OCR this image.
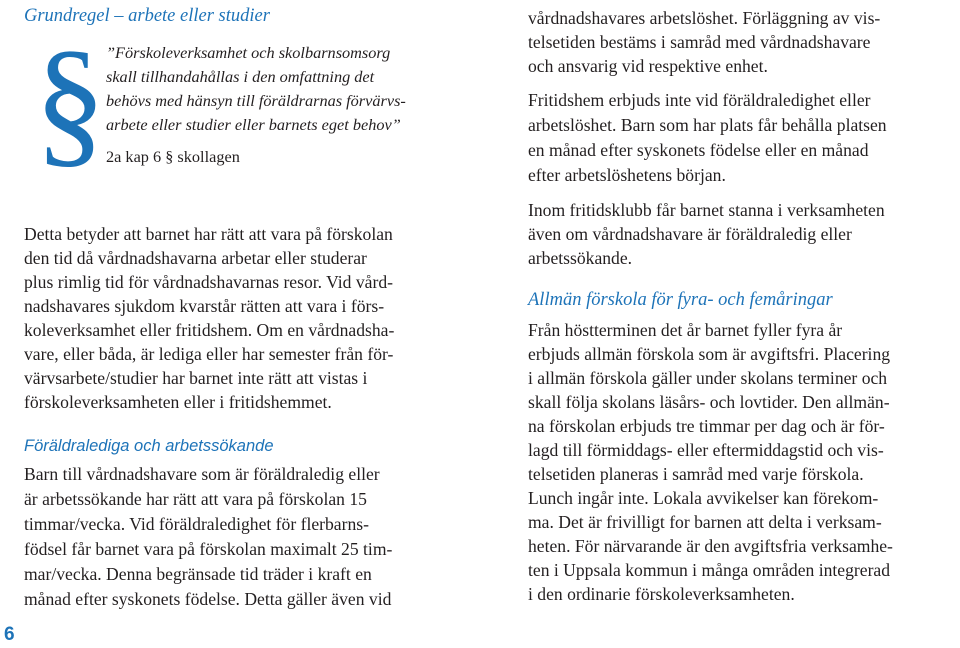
Grundregel – arbete eller studier
§ ”Förskoleverksamhet och skolbarnsomsorg
skall tillhandahållas i den omfattning det
behövs med hänsyn till föräldrarnas förvärvs-
arbete eller studier eller barnets eget behov”
2a kap 6 § skollagen
Detta betyder att barnet har rätt att vara på förskolan
den tid då vårdnadshavarna arbetar eller studerar
plus rimlig tid för vårdnadshavarnas resor. Vid vård-
nadshavares sjukdom kvarstår rätten att vara i förs-
koleverksamhet eller fritidshem. Om en vårdnadsha-
vare, eller båda, är lediga eller har semester från för-
värvsarbete/studier har barnet inte rätt att vistas i
förskoleverksamheten eller i fritidshemmet.
Föräldralediga och arbetssökande
Barn till vårdnadshavare som är föräldraledig eller
är arbetssökande har rätt att vara på förskolan 15
timmar/vecka. Vid föräldraledighet för flerbarns-
födsel får barnet vara på förskolan maximalt 25 tim-
mar/vecka. Denna begränsade tid träder i kraft en
månad efter syskonets födelse. Detta gäller även vid
vårdnadshavares arbetslöshet. Förläggning av vis-
telsetiden bestäms i samråd med vårdnadshavare
och ansvarig vid respektive enhet.
Fritidshem erbjuds inte vid föräldraledighet eller
arbetslöshet. Barn som har plats får behålla platsen
en månad efter syskonets födelse eller en månad
efter arbetslöshetens början.
Inom fritidsklubb får barnet stanna i verksamheten
även om vårdnadshavare är föräldraledig eller
arbetssökande.
Allmän förskola för fyra- och femåringar
Från höstterminen det år barnet fyller fyra år
erbjuds allmän förskola som är avgiftsfri. Placering
i allmän förskola gäller under skolans terminer och
skall följa skolans läsårs- och lovtider. Den allmän-
na förskolan erbjuds tre timmar per dag och är för-
lagd till förmiddags- eller eftermiddagstid och vis-
telsetiden planeras i samråd med varje förskola.
Lunch ingår inte. Lokala avvikelser kan förekom-
ma. Det är frivilligt for barnen att delta i verksam-
heten. För närvarande är den avgiftsfria verksamhe-
ten i Uppsala kommun i många områden integrerad
i den ordinarie förskoleverksamheten.
6
